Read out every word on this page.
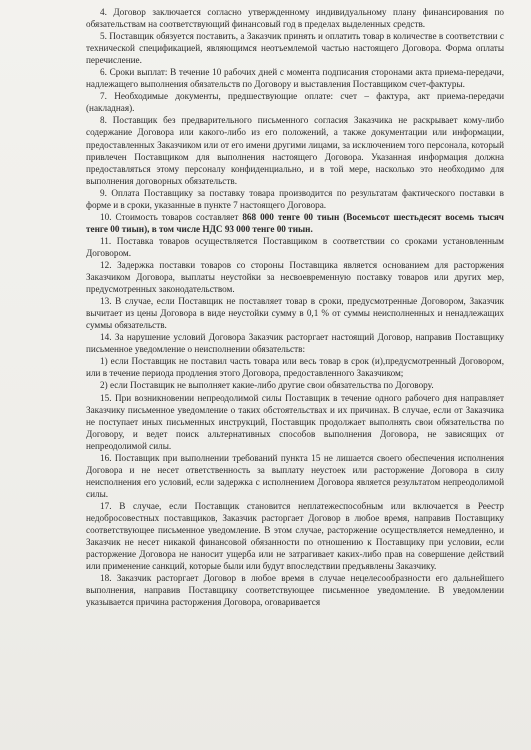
4. Договор заключается согласно утвержденному индивидуальному плану финансирования по обязательствам на соответствующий финансовый год в пределах выделенных средств.

5. Поставщик обязуется поставить, а Заказчик принять и оплатить товар в количестве в соответствии с технической спецификацией, являющимся неотъемлемой частью настоящего Договора. Форма оплаты перечисление.

6. Сроки выплат: В течение 10 рабочих дней с момента подписания сторонами акта приема-передачи, надлежащего выполнения обязательств по Договору и выставления Поставщиком счет-фактуры.

7. Необходимые документы, предшествующие оплате: счет – фактура, акт приема-передачи (накладная).

8. Поставщик без предварительного письменного согласия Заказчика не раскрывает кому-либо содержание Договора или какого-либо из его положений, а также документации или информации, предоставленных Заказчиком или от его имени другими лицами, за исключением того персонала, который привлечен Поставщиком для выполнения настоящего Договора. Указанная информация должна предоставляться этому персоналу конфиденциально, и в той мере, насколько это необходимо для выполнения договорных обязательств.

9. Оплата Поставщику за поставку товара производится по результатам фактического поставки в форме и в сроки, указанные в пункте 7 настоящего Договора.

10. Стоимость товаров составляет 868 000 тенге 00 тиын (Восемьсот шестьдесят восемь тысяч тенге 00 тиын), в том числе НДС 93 000 тенге 00 тиын.

11. Поставка товаров осуществляется Поставщиком в соответствии со сроками установленным Договором.

12. Задержка поставки товаров со стороны Поставщика является основанием для расторжения Заказчиком Договора, выплаты неустойки за несвоевременную поставку товаров или других мер, предусмотренных законодательством.

13. В случае, если Поставщик не поставляет товар в сроки, предусмотренные Договором, Заказчик вычитает из цены Договора в виде неустойки сумму в 0,1 % от суммы неисполненных и ненадлежащих суммы обязательств.

14. За нарушение условий Договора Заказчик расторгает настоящий Договор, направив Поставщику письменное уведомление о неисполнении обязательств:

1) если Поставщик не поставил часть товара или весь товар в срок (и),предусмотренный Договором, или в течение периода продления этого Договора, предоставленного Заказчиком;

2) если Поставщик не выполняет какие-либо другие свои обязательства по Договору.

15. При возникновении непреодолимой силы Поставщик в течение одного рабочего дня направляет Заказчику письменное уведомление о таких обстоятельствах и их причинах. В случае, если от Заказчика не поступает иных письменных инструкций, Поставщик продолжает выполнять свои обязательства по Договору, и ведет поиск альтернативных способов выполнения Договора, не зависящих от непреодолимой силы.

16. Поставщик при выполнении требований пункта 15 не лишается своего обеспечения исполнения Договора и не несет ответственность за выплату неустоек или расторжение Договора в силу неисполнения его условий, если задержка с исполнением Договора является результатом непреодолимой силы.

17. В случае, если Поставщик становится неплатежеспособным или включается в Реестр недобросовестных поставщиков, Заказчик расторгает Договор в любое время, направив Поставщику соответствующее письменное уведомление. В этом случае, расторжение осуществляется немедленно, и Заказчик не несет никакой финансовой обязанности по отношению к Поставщику при условии, если расторжение Договора не наносит ущерба или не затрагивает каких-либо прав на совершение действий или применение санкций, которые были или будут впоследствии предъявлены Заказчику.

18. Заказчик расторгает Договор в любое время в случае нецелесообразности его дальнейшего выполнения, направив Поставщику соответствующее письменное уведомление. В уведомлении указывается причина расторжения Договора, оговаривается
